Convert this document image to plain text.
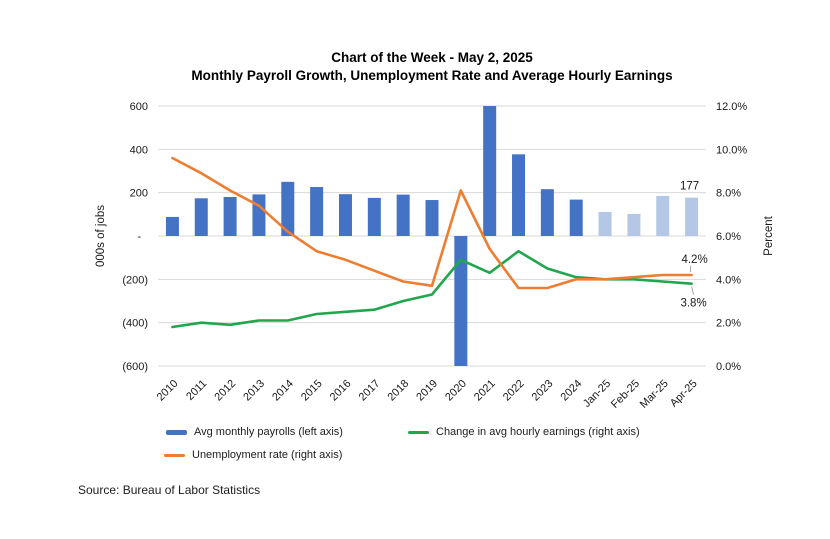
Chart of the Week - May 2, 2025
Monthly Payroll Growth, Unemployment Rate and Average Hourly Earnings
600
400
200
-
(200)
(400)
(600)
12.0%
10.0%
8.0%
6.0%
4.0%
2.0%
0.0%
000s of jobs	Percent
2010 2011 2012 2013 2014 2015 2016 2017 2018 2019 2020 2021 2022 2023 2024
Jan-25
Feb-25
Mar-25
Apr-25
177
4.2%
3.8%
Avg monthly payrolls (left axis)	Change in avg hourly earnings (right axis)
Unemployment rate (right axis)
Source: Bureau of Labor Statistics
